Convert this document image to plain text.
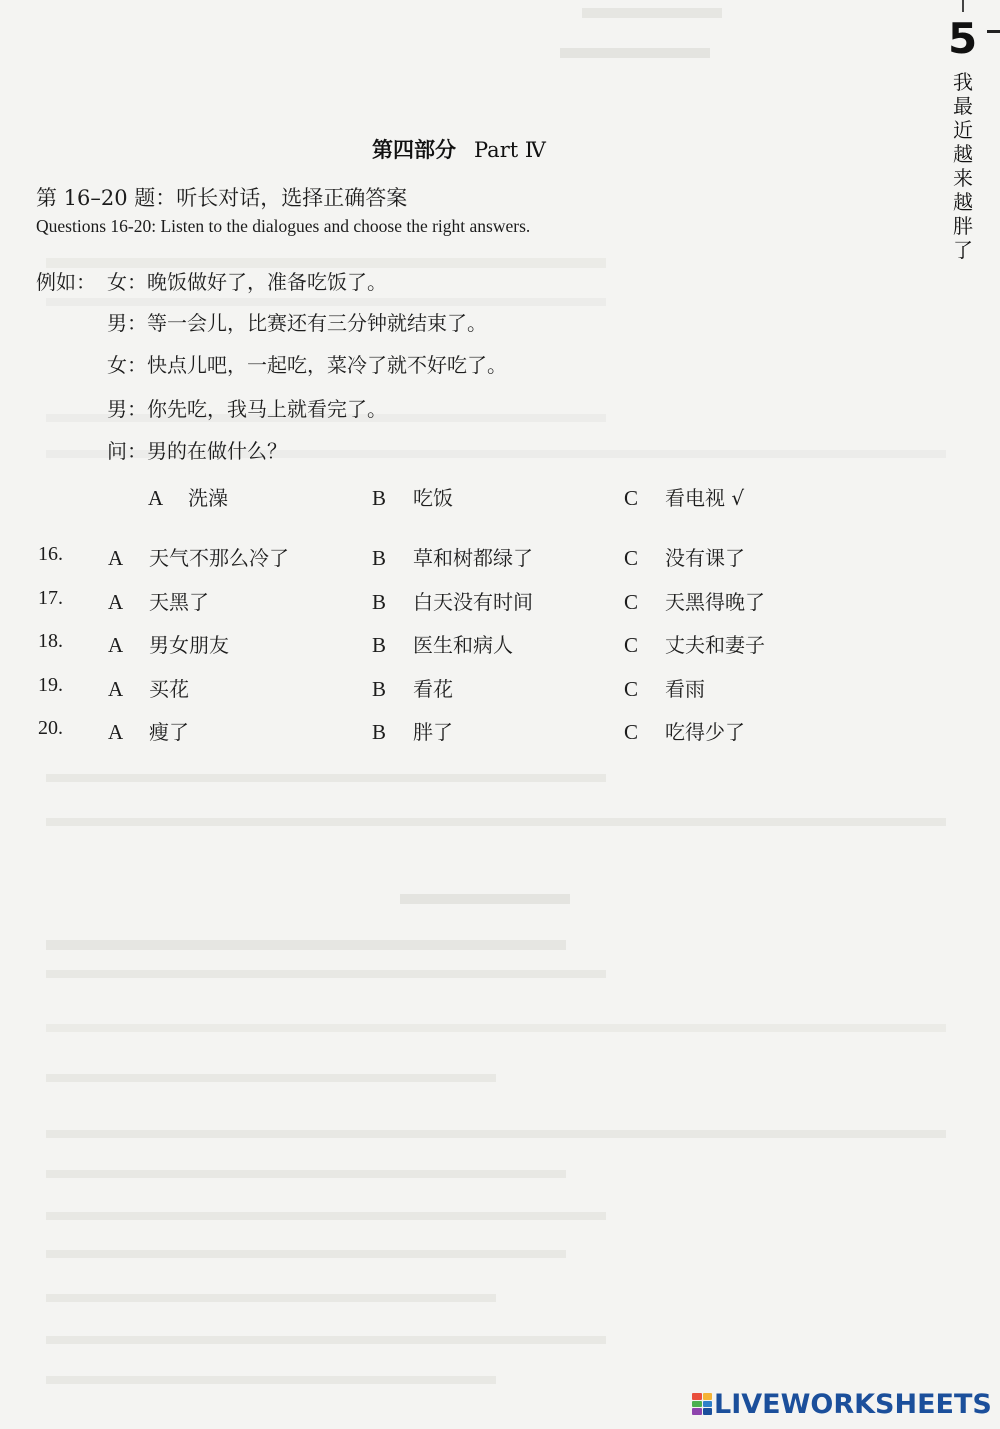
5
我
最
近
越
来
越
胖
了
第四部分 Part Ⅳ
第 16–20 题：听长对话，选择正确答案
Questions 16-20: Listen to the dialogues and choose the right answers.
例如： 女：晚饭做好了，准备吃饭了。
男：等一会儿，比赛还有三分钟就结束了。
女：快点儿吧，一起吃，菜冷了就不好吃了。
男：你先吃，我马上就看完了。
问：男的在做什么？
A 洗澡	B 吃饭	C 看电视 √
16. A 天气不那么冷了	B 草和树都绿了	C 没有课了
17. A 天黑了	B 白天没有时间	C 天黑得晚了
18. A 男女朋友	B 医生和病人	C 丈夫和妻子
19. A 买花	B 看花	C 看雨
20. A 瘦了	B 胖了	C 吃得少了
LIVEWORKSHEETS
